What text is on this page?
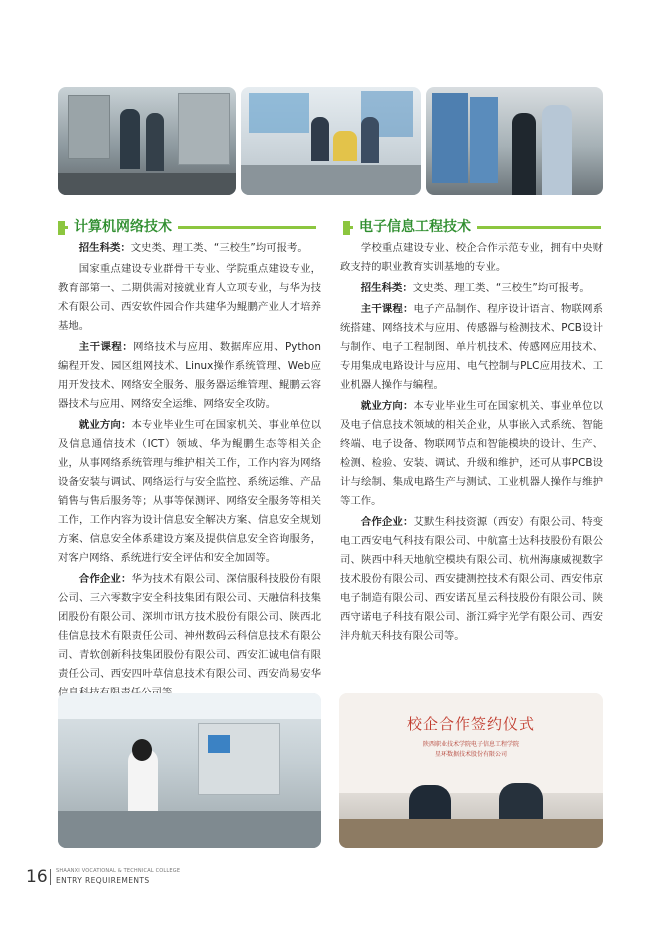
计算机网络技术

招生科类：文史类、理工类、“三校生”均可报考。

国家重点建设专业群骨干专业、学院重点建设专业，教育部第一、二期供需对接就业育人立项专业，与华为技术有限公司、西安软件园合作共建华为鲲鹏产业人才培养基地。

主干课程：网络技术与应用、数据库应用、Python编程开发、园区组网技术、Linux操作系统管理、Web应用开发技术、网络安全服务、服务器运维管理、鲲鹏云容器技术与应用、网络安全运维、网络安全攻防。

就业方向：本专业毕业生可在国家机关、事业单位以及信息通信技术（ICT）领域、华为鲲鹏生态等相关企业，从事网络系统管理与维护相关工作，工作内容为网络设备安装与调试、网络运行与安全监控、系统运维、产品销售与售后服务等；从事等保测评、网络安全服务等相关工作，工作内容为设计信息安全解决方案、信息安全规划方案、信息安全体系建设方案及提供信息安全咨询服务，对客户网络、系统进行安全评估和安全加固等。

合作企业：华为技术有限公司、深信服科技股份有限公司、三六零数字安全科技集团有限公司、天融信科技集团股份有限公司、深圳市讯方技术股份有限公司、陕西北佳信息技术有限责任公司、神州数码云科信息技术有限公司、青软创新科技集团股份有限公司、西安汇诚电信有限责任公司、西安四叶草信息技术有限公司、西安尚易安华

电子信息工程技术

学校重点建设专业、校企合作示范专业，拥有中央财政支持的职业教育实训基地的专业。

招生科类：文史类、理工类、“三校生”均可报考。

主干课程：电子产品制作、程序设计语言、物联网系统搭建、网络技术与应用、传感器与检测技术、PCB设计与制作、电子工程制图、单片机技术、传感网应用技术、专用集成电路设计与应用、电气控制与PLC应用技术、工业机器人操作与编程。

就业方向：本专业毕业生可在国家机关、事业单位以及电子信息技术领域的相关企业，从事嵌入式系统、智能终端、电子设备、物联网节点和智能模块的设计、生产、检测、检验、安装、调试、升级和维护，还可从事PCB设计与绘制、集成电路生产与测试、工业机器人操作与维护等工作。

合作企业：艾默生科技资源（西安）有限公司、特变电工西安电气科技有限公司、中航富士达科技股份有限公司、陕西中科天地航空模块有限公司、杭州海康威视数字技术股份有限公司、西安捷测控技术有限公司、西安伟京电子制造有限公司、西安诺瓦星云科技股份有限公司、陕西守诺电子科技有限公司、浙江舜宇光学有限公司、西安沣舟航天科技有限公司等。

校企合作签约仪式
陕西职业技术学院电子信息工程学院
星环数据技术股份有限公司
16 SHAANXI VOCATIONAL & TECHNICAL COLLEGE
ENTRY REQUIREMENTS
